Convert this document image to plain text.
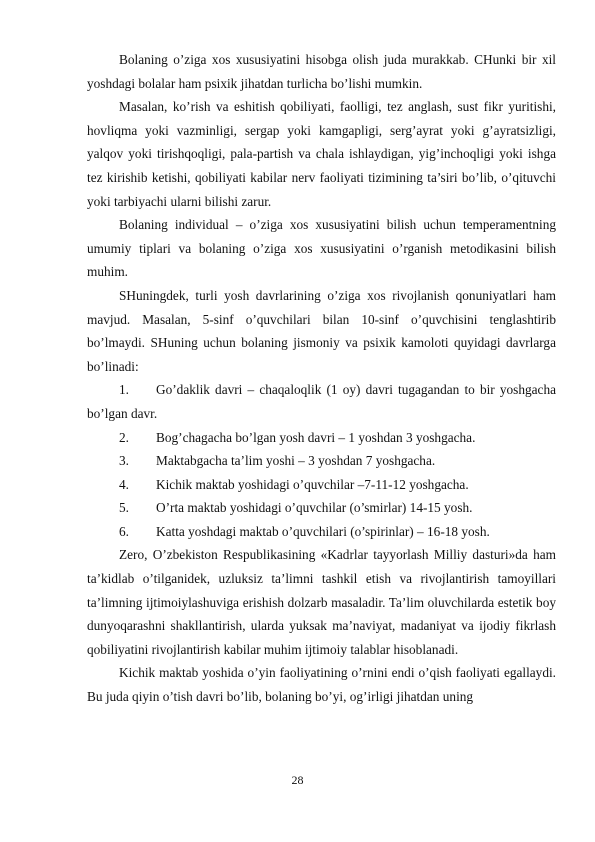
Bolaning o’ziga xos xususiyatini hisobga olish juda murakkab. CHunki bir xil yoshdagi bolalar ham psixik jihatdan turlicha bo’lishi mumkin.

Masalan, ko’rish va eshitish qobiliyati, faolligi, tez anglash, sust fikr yuritishi, hovliqma yoki vazminligi, sergap yoki kamgapligi, serg’ayrat yoki g’ayratsizligi, yalqov yoki tirishqoqligi, pala-partish va chala ishlaydigan, yig’inchoqligi yoki ishga tez kirishib ketishi, qobiliyati kabilar nerv faoliyati tizimining ta’siri bo’lib, o’qituvchi yoki tarbiyachi ularni bilishi zarur.

Bolaning individual – o’ziga xos xususiyatini bilish uchun temperamentning umumiy tiplari va bolaning o’ziga xos xususiyatini o’rganish metodikasini bilish muhim.

SHuningdek, turli yosh davrlarining o’ziga xos rivojlanish qonuniyatlari ham mavjud. Masalan, 5-sinf o’quvchilari bilan 10-sinf o’quvchisini tenglashtirib bo’lmaydi. SHuning uchun bolaning jismoniy va psixik kamoloti quyidagi davrlarga bo’linadi:

1. Go’daklik davri – chaqaloqlik (1 oy) davri tugagandan to bir yoshgacha bo’lgan davr.

2. Bog’chagacha bo’lgan yosh davri – 1 yoshdan 3 yoshgacha.

3. Maktabgacha ta’lim yoshi – 3 yoshdan 7 yoshgacha.

4. Kichik maktab yoshidagi o’quvchilar –7-11-12 yoshgacha.

5. O’rta maktab yoshidagi o’quvchilar (o’smirlar) 14-15 yosh.

6. Katta yoshdagi maktab o’quvchilari (o’spirinlar) – 16-18 yosh.

Zero, O’zbekiston Respublikasining «Kadrlar tayyorlash Milliy dasturi»da ham ta’kidlab o’tilganidek, uzluksiz ta’limni tashkil etish va rivojlantirish tamoyillari ta’limning ijtimoiylashuviga erishish dolzarb masaladir. Ta’lim oluvchilarda estetik boy dunyoqarashni shakllantirish, ularda yuksak ma’naviyat, madaniyat va ijodiy fikrlash qobiliyatini rivojlantirish kabilar muhim ijtimoiy talablar hisoblanadi.

Kichik maktab yoshida o’yin faoliyatining o’rnini endi o’qish faoliyati egallaydi. Bu juda qiyin o’tish davri bo’lib, bolaning bo’yi, og’irligi jihatdan uning

28
